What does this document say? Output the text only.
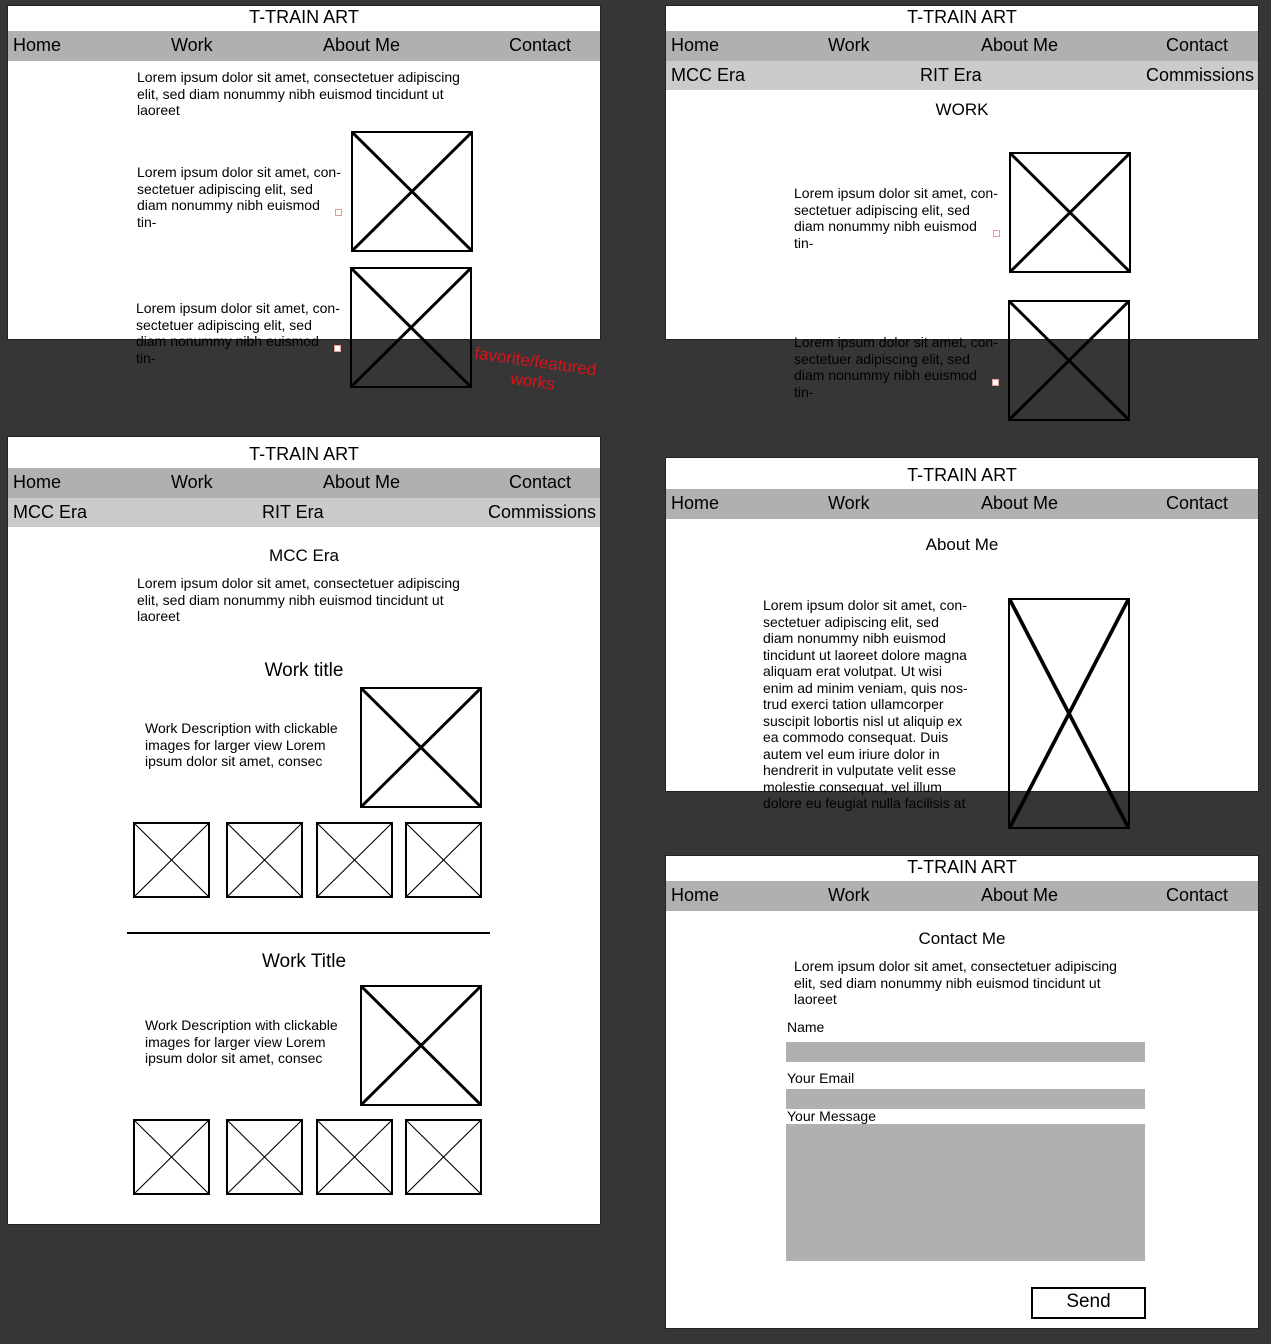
T-TRAIN ART
Home	Work	About Me	Contact
Lorem ipsum dolor sit amet, consectetuer adipiscing elit, sed diam nonummy nibh euismod tincidunt ut laoreet
Lorem ipsum dolor sit amet, con-sectetuer adipiscing elit, sed diam nonummy nibh euismod tin-
Lorem ipsum dolor sit amet, con-sectetuer adipiscing elit, sed diam nonummy nibh euismod tin-	favorite/featured
works
T-TRAIN ART
Home	Work	About Me	Contact
MCC Era	RIT Era	Commissions
WORK
Lorem ipsum dolor sit amet, con-sectetuer adipiscing elit, sed diam nonummy nibh euismod tin-
Lorem ipsum dolor sit amet, con-sectetuer adipiscing elit, sed diam nonummy nibh euismod tin-
T-TRAIN ART
Home	Work	About Me	Contact
MCC Era	RIT Era	Commissions
MCC Era
Lorem ipsum dolor sit amet, consectetuer adipiscing elit, sed diam nonummy nibh euismod tincidunt ut laoreet
Work title
Work Description with clickable images for larger view Lorem ipsum dolor sit amet, consec
Work Title
Work Description with clickable images for larger view Lorem ipsum dolor sit amet, consec
T-TRAIN ART
Home	Work	About Me	Contact
About Me
Lorem ipsum dolor sit amet, con-sectetuer adipiscing elit, sed diam nonummy nibh euismod tincidunt ut laoreet dolore magna aliquam erat volutpat. Ut wisi enim ad minim veniam, quis nos-trud exerci tation ullamcorper suscipit lobortis nisl ut aliquip ex ea commodo consequat. Duis autem vel eum iriure dolor in hendrerit in vulputate velit esse molestie consequat, vel illum dolore eu feugiat nulla facilisis at
T-TRAIN ART
Home	Work	About Me	Contact
Contact Me
Lorem ipsum dolor sit amet, consectetuer adipiscing elit, sed diam nonummy nibh euismod tincidunt ut laoreet
Name
Your Email
Your Message
Send
